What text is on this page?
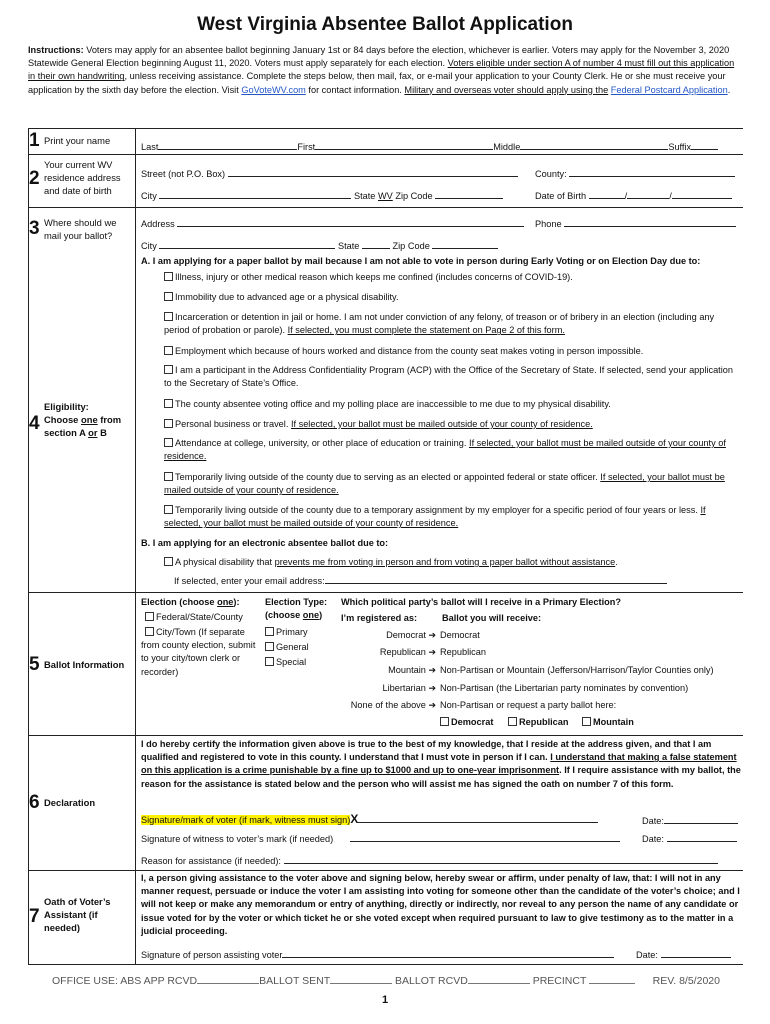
West Virginia Absentee Ballot Application
Instructions: Voters may apply for an absentee ballot beginning January 1st or 84 days before the election, whichever is earlier. Voters may apply for the November 3, 2020 Statewide General Election beginning August 11, 2020. Voters must apply separately for each election. Voters eligible under section A of number 4 must fill out this application in their own handwriting, unless receiving assistance. Complete the steps below, then mail, fax, or e-mail your application to your County Clerk. He or she must receive your application by the sixth day before the election. Visit GoVoteWV.com for contact information. Military and overseas voter should apply using the Federal Postcard Application.
1 Print your name
Last	First	Middle	Suffix
2
Your current WV residence address and date of birth
Street (not P.O. Box)	County:
City	State WV Zip Code	Date of Birth	/	/
3 Where should we mail your ballot?
Address	Phone
City	State	Zip Code
4
Eligibility:
Choose one from section A or B
A. I am applying for a paper ballot by mail because I am not able to vote in person during Early Voting or on Election Day due to:
Illness, injury or other medical reason which keeps me confined (includes concerns of COVID-19).
Immobility due to advanced age or a physical disability.
Incarceration or detention in jail or home. I am not under conviction of any felony, of treason or of bribery in an election (including any period of probation or parole). If selected, you must complete the statement on Page 2 of this form.
Employment which because of hours worked and distance from the county seat makes voting in person impossible.
I am a participant in the Address Confidentiality Program (ACP) with the Office of the Secretary of State. If selected, send your application to the Secretary of State’s Office.
The county absentee voting office and my polling place are inaccessible to me due to my physical disability.
Personal business or travel. If selected, your ballot must be mailed outside of your county of residence.
Attendance at college, university, or other place of education or training. If selected, your ballot must be mailed outside of your county of residence.
Temporarily living outside of the county due to serving as an elected or appointed federal or state officer. If selected, your ballot must be mailed outside of your county of residence.
Temporarily living outside of the county due to a temporary assignment by my employer for a specific period of four years or less. If selected, your ballot must be mailed outside of your county of residence.
B. I am applying for an electronic absentee ballot due to:
A physical disability that prevents me from voting in person and from voting a paper ballot without assistance.
If selected, enter your email address:
5 Ballot Information
Election (choose one):
Federal/State/County
City/Town (If separate from county election, submit to your city/town clerk or recorder)
Election Type: (choose one)
Primary
General
Special
Which political party’s ballot will I receive in a Primary Election?
I’m registered as:	Ballot you will receive:
Democrat ➔ Democrat
Republican ➔ Republican
Mountain ➔ Non-Partisan or Mountain (Jefferson/Harrison/Taylor Counties only)
Libertarian ➔ Non-Partisan (the Libertarian party nominates by convention)
None of the above ➔ Non-Partisan or request a party ballot here:
Democrat	Republican	Mountain
6 Declaration
I do hereby certify the information given above is true to the best of my knowledge, that I reside at the address given, and that I am qualified and registered to vote in this county. I understand that I must vote in person if I can. I understand that making a false statement on this application is a crime punishable by a fine up to $1000 and up to one-year imprisonment. If I require assistance with my ballot, the reason for the assistance is stated below and the person who will assist me has signed the oath on number 7 of this form.
Signature/mark of voter (if mark, witness must sign)X	Date:
Signature of witness to voter’s mark (if needed)	Date:
Reason for assistance (if needed):
7
Oath of Voter’s Assistant (if needed)
I, a person giving assistance to the voter above and signing below, hereby swear or affirm, under penalty of law, that: I will not in any manner request, persuade or induce the voter I am assisting into voting for someone other than the candidate of the voter’s choice; and I will not keep or make any memorandum or entry of anything, directly or indirectly, nor reveal to any person the name of any candidate or issue voted for by the voter or which ticket he or she voted except when required pursuant to law to give testimony as to the matter in a judicial proceeding.
Signature of person assisting voter	Date:
OFFICE USE: ABS APP RCVD	BALLOT SENT	BALLOT RCVD	PRECINCT	REV. 8/5/2020
1
